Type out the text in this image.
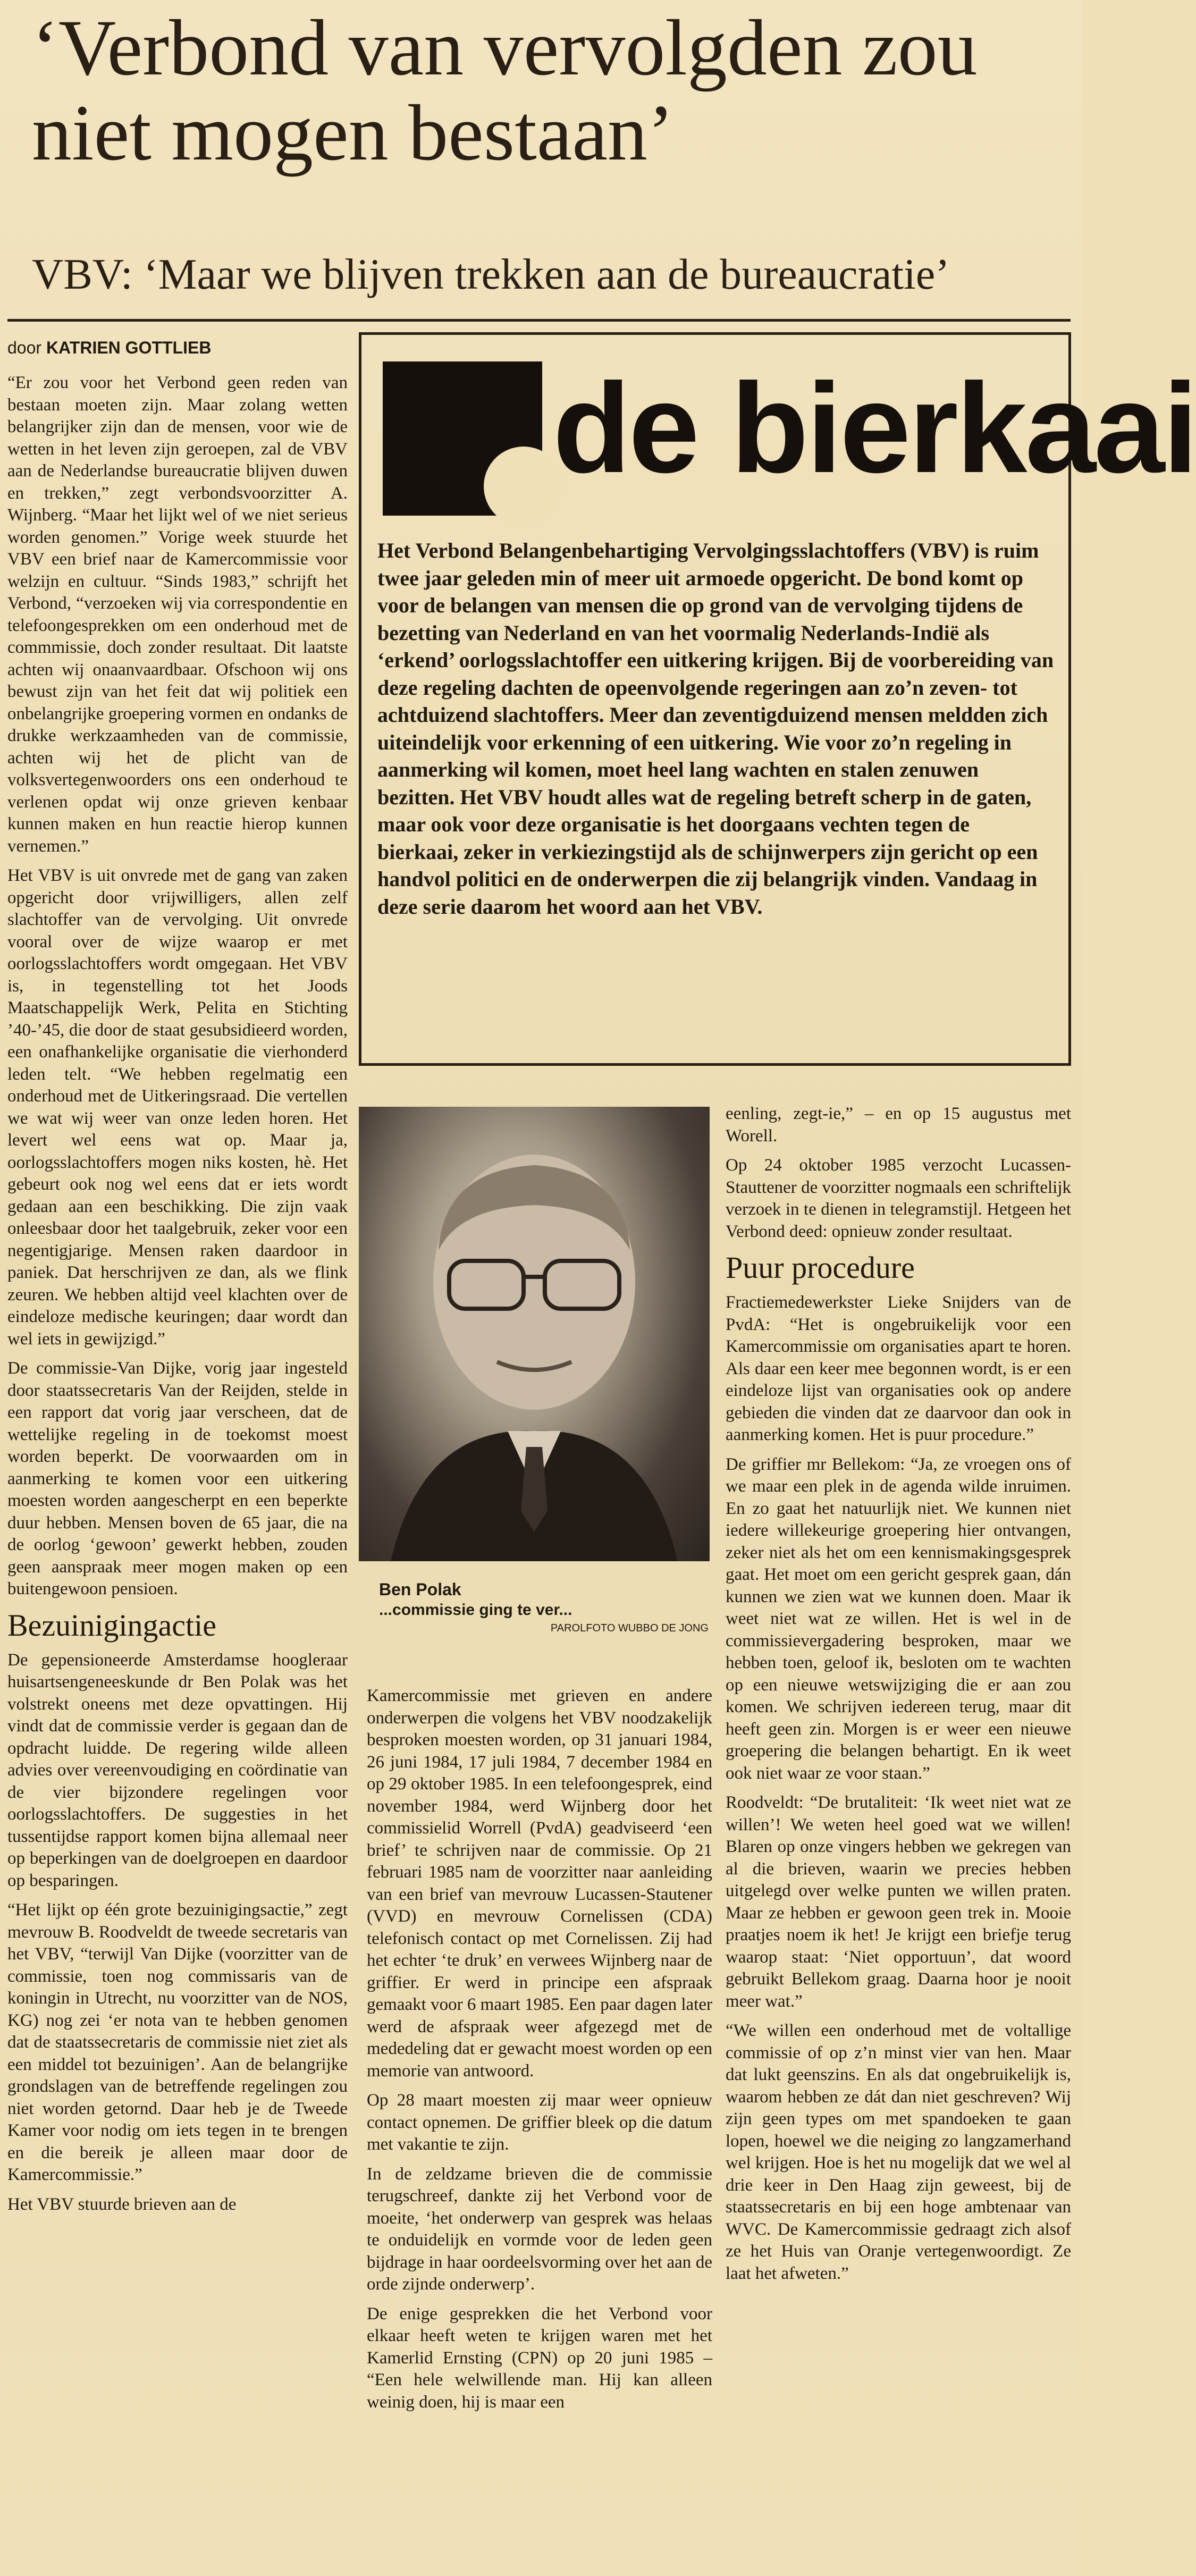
‘Verbond van vervolgden zou niet mogen bestaan’
VBV: ‘Maar we blijven trekken aan de bureaucratie’
door KATRIEN GOTTLIEB

“Er zou voor het Verbond geen reden van bestaan moeten zijn. Maar zolang wetten belangrijker zijn dan de mensen, voor wie de wetten in het leven zijn geroepen, zal de VBV aan de Nederlandse bureaucratie blijven duwen en trekken,” zegt verbondsvoorzitter A. Wijnberg. “Maar het lijkt wel of we niet serieus worden genomen.” Vorige week stuurde het VBV een brief naar de Kamercommissie voor welzijn en cultuur. “Sinds 1983,” schrijft het Verbond, “verzoeken wij via correspondentie en telefoongesprekken om een onderhoud met de commmissie, doch zonder resultaat. Dit laatste achten wij onaanvaardbaar. Ofschoon wij ons bewust zijn van het feit dat wij politiek een onbelangrijke groepering vormen en ondanks de drukke werkzaamheden van de commissie, achten wij het de plicht van de volksvertegenwoorders ons een onderhoud te verlenen opdat wij onze grieven kenbaar kunnen maken en hun reactie hierop kunnen vernemen.”

Het VBV is uit onvrede met de gang van zaken opgericht door vrijwilligers, allen zelf slachtoffer van de vervolging. Uit onvrede vooral over de wijze waarop er met oorlogsslachtoffers wordt omgegaan. Het VBV is, in tegenstelling tot het Joods Maatschappelijk Werk, Pelita en Stichting ’40-’45, die door de staat gesubsidieerd worden, een onafhankelijke organisatie die vierhonderd leden telt. “We hebben regelmatig een onderhoud met de Uitkeringsraad. Die vertellen we wat wij weer van onze leden horen. Het levert wel eens wat op. Maar ja, oorlogsslachtoffers mogen niks kosten, hè. Het gebeurt ook nog wel eens dat er iets wordt gedaan aan een beschikking. Die zijn vaak onleesbaar door het taalgebruik, zeker voor een negentigjarige. Mensen raken daardoor in paniek. Dat herschrijven ze dan, als we flink zeuren. We hebben altijd veel klachten over de eindeloze medische keuringen; daar wordt dan wel iets in gewijzigd.”

De commissie-Van Dijke, vorig jaar ingesteld door staatssecretaris Van der Reijden, stelde in een rapport dat vorig jaar verscheen, dat de wettelijke regeling in de toekomst moest worden beperkt. De voorwaarden om in aanmerking te komen voor een uitkering moesten worden aangescherpt en een beperkte duur hebben. Mensen boven de 65 jaar, die na de oorlog ‘gewoon’ gewerkt hebben, zouden geen aanspraak meer mogen maken op een buitengewoon pensioen.

Bezuinigingactie

De gepensioneerde Amsterdamse hoogleraar huisartsengeneeskunde dr Ben Polak was het volstrekt oneens met deze opvattingen. Hij vindt dat de commissie verder is gegaan dan de opdracht luidde. De regering wilde alleen advies over vereenvoudiging en coördinatie van de vier bijzondere regelingen voor oorlogsslachtoffers. De suggesties in het tussentijdse rapport komen bijna allemaal neer op beperkingen van de doelgroepen en daardoor op besparingen.

“Het lijkt op één grote bezuinigingsactie,” zegt mevrouw B. Roodveldt de tweede secretaris van het VBV, “terwijl Van Dijke (voorzitter van de commissie, toen nog commissaris van de koningin in Utrecht, nu voorzitter van de NOS, KG) nog zei ‘er nota van te hebben genomen dat de staatssecretaris de commissie niet ziet als een middel tot bezuinigen’. Aan de belangrijke grondslagen van de betreffende regelingen zou niet worden getornd. Daar heb je de Tweede Kamer voor nodig om iets tegen in te brengen en die bereik je alleen maar door de Kamercommissie.”

Het VBV stuurde brieven aan de

de bierkaai
Het Verbond Belangenbehartiging Vervolgingsslachtoffers (VBV) is ruim twee jaar geleden min of meer uit armoede opgericht. De bond komt op voor de belangen van mensen die op grond van de vervolging tijdens de bezetting van Nederland en van het voormalig Nederlands-Indië als ‘erkend’ oorlogsslachtoffer een uitkering krijgen. Bij de voorbereiding van deze regeling dachten de opeenvolgende regeringen aan zo’n zeven- tot achtduizend slachtoffers. Meer dan zeventigduizend mensen meldden zich uiteindelijk voor erkenning of een uitkering. Wie voor zo’n regeling in aanmerking wil komen, moet heel lang wachten en stalen zenuwen bezitten. Het VBV houdt alles wat de regeling betreft scherp in de gaten, maar ook voor deze organisatie is het doorgaans vechten tegen de bierkaai, zeker in verkiezingstijd als de schijnwerpers zijn gericht op een handvol politici en de onderwerpen die zij belangrijk vinden. Vandaag in deze serie daarom het woord aan het VBV.
Ben Polak
...commissie ging te ver...
PAROLFOTO WUBBO DE JONG

Kamercommissie met grieven en andere onderwerpen die volgens het VBV noodzakelijk besproken moesten worden, op 31 januari 1984, 26 juni 1984, 17 juli 1984, 7 december 1984 en op 29 oktober 1985. In een telefoongesprek, eind november 1984, werd Wijnberg door het commissielid Worrell (PvdA) geadviseerd ‘een brief’ te schrijven naar de commissie. Op 21 februari 1985 nam de voorzitter naar aanleiding van een brief van mevrouw Lucassen-Stautener (VVD) en mevrouw Cornelissen (CDA) telefonisch contact op met Cornelissen. Zij had het echter ‘te druk’ en verwees Wijnberg naar de griffier. Er werd in principe een afspraak gemaakt voor 6 maart 1985. Een paar dagen later werd de afspraak weer afgezegd met de mededeling dat er gewacht moest worden op een memorie van antwoord.

Op 28 maart moesten zij maar weer opnieuw contact opnemen. De griffier bleek op die datum met vakantie te zijn.

In de zeldzame brieven die de commissie terugschreef, dankte zij het Verbond voor de moeite, ‘het onderwerp van gesprek was helaas te onduidelijk en vormde voor de leden geen bijdrage in haar oordeelsvorming over het aan de orde zijnde onderwerp’.

De enige gesprekken die het Verbond voor elkaar heeft weten te krijgen waren met het Kamerlid Ernsting (CPN) op 20 juni 1985 – “Een hele welwillende man. Hij kan alleen weinig doen, hij is maar een

eenling, zegt-ie,” – en op 15 augustus met Worell.

Op 24 oktober 1985 verzocht Lucassen-Stauttener de voorzitter nogmaals een schriftelijk verzoek in te dienen in telegramstijl. Hetgeen het Verbond deed: opnieuw zonder resultaat.

Puur procedure

Fractiemedewerkster Lieke Snijders van de PvdA: “Het is ongebruikelijk voor een Kamercommissie om organisaties apart te horen. Als daar een keer mee begonnen wordt, is er een eindeloze lijst van organisaties ook op andere gebieden die vinden dat ze daarvoor dan ook in aanmerking komen. Het is puur procedure.”

De griffier mr Bellekom: “Ja, ze vroegen ons of we maar een plek in de agenda wilde inruimen. En zo gaat het natuurlijk niet. We kunnen niet iedere willekeurige groepering hier ontvangen, zeker niet als het om een kennismakingsgesprek gaat. Het moet om een gericht gesprek gaan, dán kunnen we zien wat we kunnen doen. Maar ik weet niet wat ze willen. Het is wel in de commissievergadering besproken, maar we hebben toen, geloof ik, besloten om te wachten op een nieuwe wetswijziging die er aan zou komen. We schrijven iedereen terug, maar dit heeft geen zin. Morgen is er weer een nieuwe groepering die belangen behartigt. En ik weet ook niet waar ze voor staan.”

Roodveldt: “De brutaliteit: ‘Ik weet niet wat ze willen’! We weten heel goed wat we willen! Blaren op onze vingers hebben we gekregen van al die brieven, waarin we precies hebben uitgelegd over welke punten we willen praten. Maar ze hebben er gewoon geen trek in. Mooie praatjes noem ik het! Je krijgt een briefje terug waarop staat: ‘Niet opportuun’, dat woord gebruikt Bellekom graag. Daarna hoor je nooit meer wat.”

“We willen een onderhoud met de voltallige commissie of op z’n minst vier van hen. Maar dat lukt geenszins. En als dat ongebruikelijk is, waarom hebben ze dát dan niet geschreven? Wij zijn geen types om met spandoeken te gaan lopen, hoewel we die neiging zo langzamerhand wel krijgen. Hoe is het nu mogelijk dat we wel al drie keer in Den Haag zijn geweest, bij de staatssecretaris en bij een hoge ambtenaar van WVC. De Kamercommissie gedraagt zich alsof ze het Huis van Oranje vertegenwoordigt. Ze laat het afweten.”
